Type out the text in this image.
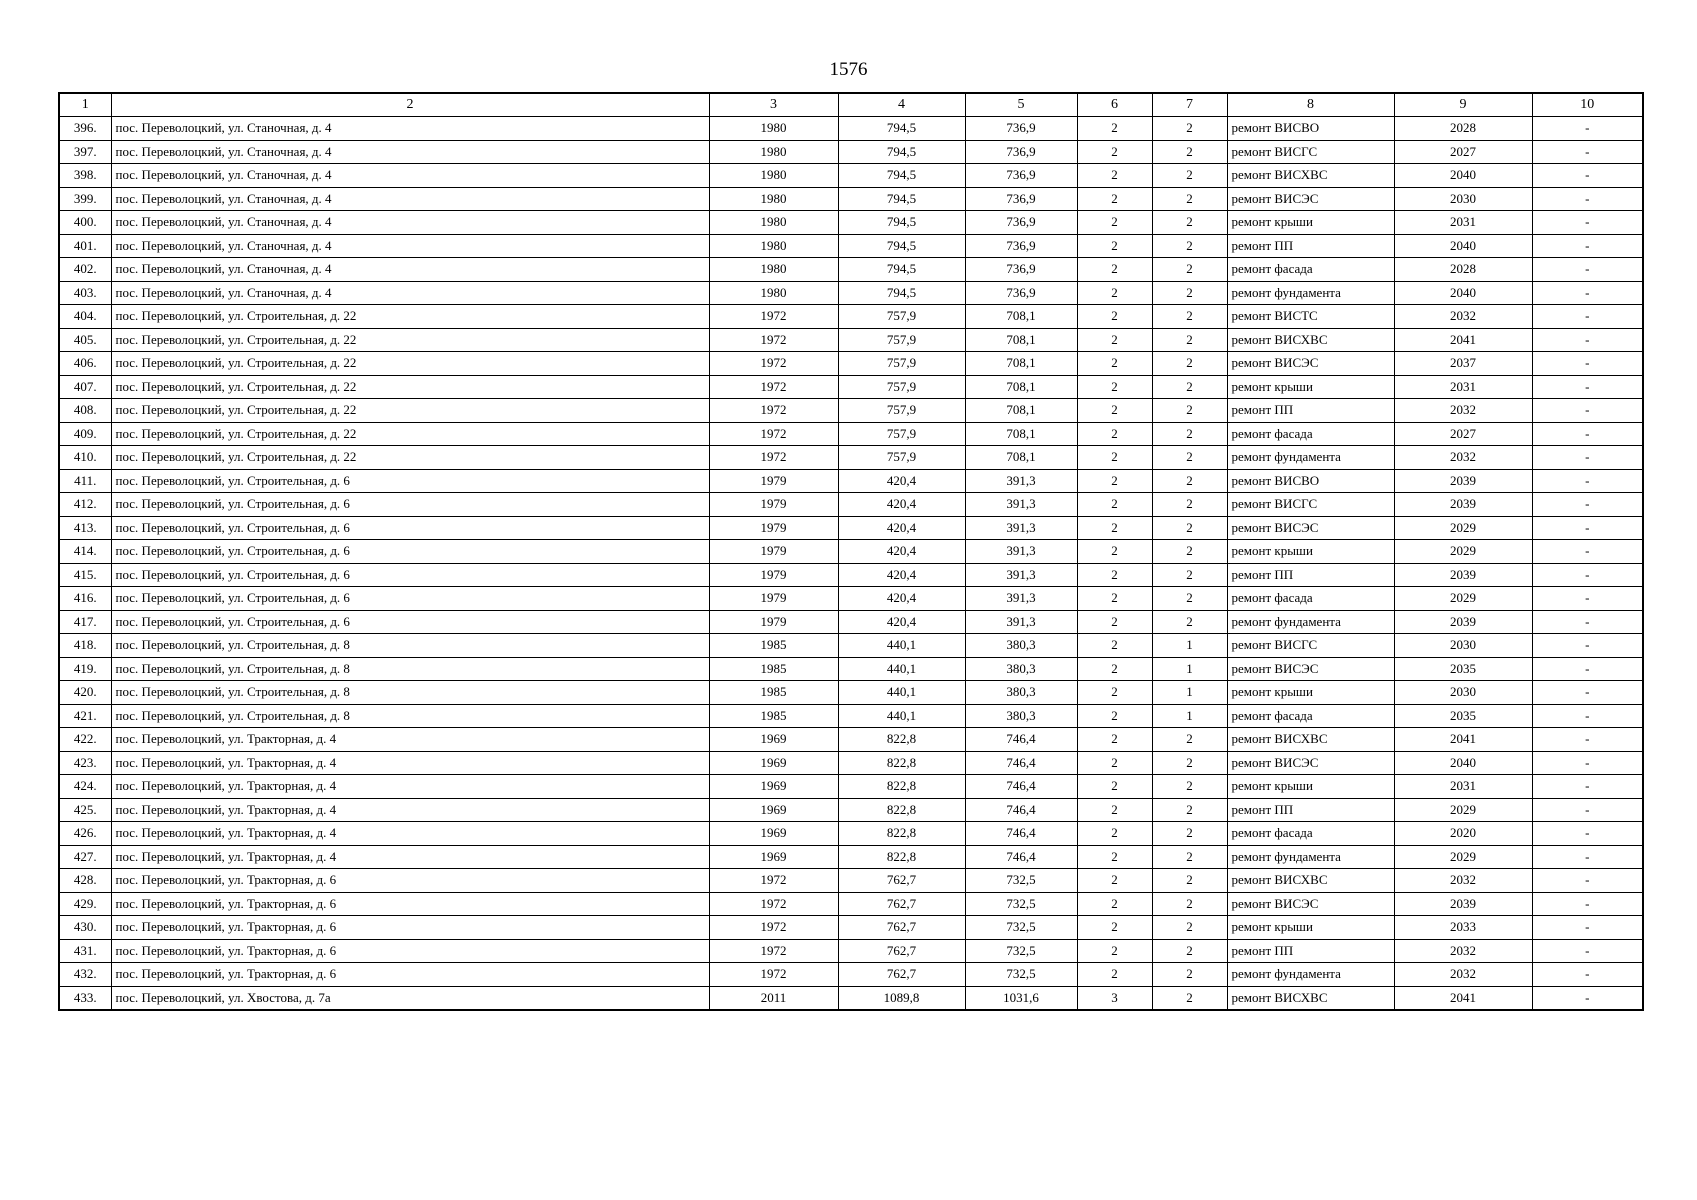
1576
1	2	3	4	5	6	7	8	9	10
396.	пос. Переволоцкий, ул. Станочная, д. 4	1980	794,5	736,9	2	2	ремонт ВИСВО	2028	-
397.	пос. Переволоцкий, ул. Станочная, д. 4	1980	794,5	736,9	2	2	ремонт ВИСГС	2027	-
398.	пос. Переволоцкий, ул. Станочная, д. 4	1980	794,5	736,9	2	2	ремонт ВИСХВС	2040	-
399.	пос. Переволоцкий, ул. Станочная, д. 4	1980	794,5	736,9	2	2	ремонт ВИСЭС	2030	-
400.	пос. Переволоцкий, ул. Станочная, д. 4	1980	794,5	736,9	2	2	ремонт крыши	2031	-
401.	пос. Переволоцкий, ул. Станочная, д. 4	1980	794,5	736,9	2	2	ремонт ПП	2040	-
402.	пос. Переволоцкий, ул. Станочная, д. 4	1980	794,5	736,9	2	2	ремонт фасада	2028	-
403.	пос. Переволоцкий, ул. Станочная, д. 4	1980	794,5	736,9	2	2	ремонт фундамента	2040	-
404.	пос. Переволоцкий, ул. Строительная, д. 22	1972	757,9	708,1	2	2	ремонт ВИСТС	2032	-
405.	пос. Переволоцкий, ул. Строительная, д. 22	1972	757,9	708,1	2	2	ремонт ВИСХВС	2041	-
406.	пос. Переволоцкий, ул. Строительная, д. 22	1972	757,9	708,1	2	2	ремонт ВИСЭС	2037	-
407.	пос. Переволоцкий, ул. Строительная, д. 22	1972	757,9	708,1	2	2	ремонт крыши	2031	-
408.	пос. Переволоцкий, ул. Строительная, д. 22	1972	757,9	708,1	2	2	ремонт ПП	2032	-
409.	пос. Переволоцкий, ул. Строительная, д. 22	1972	757,9	708,1	2	2	ремонт фасада	2027	-
410.	пос. Переволоцкий, ул. Строительная, д. 22	1972	757,9	708,1	2	2	ремонт фундамента	2032	-
411.	пос. Переволоцкий, ул. Строительная, д. 6	1979	420,4	391,3	2	2	ремонт ВИСВО	2039	-
412.	пос. Переволоцкий, ул. Строительная, д. 6	1979	420,4	391,3	2	2	ремонт ВИСГС	2039	-
413.	пос. Переволоцкий, ул. Строительная, д. 6	1979	420,4	391,3	2	2	ремонт ВИСЭС	2029	-
414.	пос. Переволоцкий, ул. Строительная, д. 6	1979	420,4	391,3	2	2	ремонт крыши	2029	-
415.	пос. Переволоцкий, ул. Строительная, д. 6	1979	420,4	391,3	2	2	ремонт ПП	2039	-
416.	пос. Переволоцкий, ул. Строительная, д. 6	1979	420,4	391,3	2	2	ремонт фасада	2029	-
417.	пос. Переволоцкий, ул. Строительная, д. 6	1979	420,4	391,3	2	2	ремонт фундамента	2039	-
418.	пос. Переволоцкий, ул. Строительная, д. 8	1985	440,1	380,3	2	1	ремонт ВИСГС	2030	-
419.	пос. Переволоцкий, ул. Строительная, д. 8	1985	440,1	380,3	2	1	ремонт ВИСЭС	2035	-
420.	пос. Переволоцкий, ул. Строительная, д. 8	1985	440,1	380,3	2	1	ремонт крыши	2030	-
421.	пос. Переволоцкий, ул. Строительная, д. 8	1985	440,1	380,3	2	1	ремонт фасада	2035	-
422.	пос. Переволоцкий, ул. Тракторная, д. 4	1969	822,8	746,4	2	2	ремонт ВИСХВС	2041	-
423.	пос. Переволоцкий, ул. Тракторная, д. 4	1969	822,8	746,4	2	2	ремонт ВИСЭС	2040	-
424.	пос. Переволоцкий, ул. Тракторная, д. 4	1969	822,8	746,4	2	2	ремонт крыши	2031	-
425.	пос. Переволоцкий, ул. Тракторная, д. 4	1969	822,8	746,4	2	2	ремонт ПП	2029	-
426.	пос. Переволоцкий, ул. Тракторная, д. 4	1969	822,8	746,4	2	2	ремонт фасада	2020	-
427.	пос. Переволоцкий, ул. Тракторная, д. 4	1969	822,8	746,4	2	2	ремонт фундамента	2029	-
428.	пос. Переволоцкий, ул. Тракторная, д. 6	1972	762,7	732,5	2	2	ремонт ВИСХВС	2032	-
429.	пос. Переволоцкий, ул. Тракторная, д. 6	1972	762,7	732,5	2	2	ремонт ВИСЭС	2039	-
430.	пос. Переволоцкий, ул. Тракторная, д. 6	1972	762,7	732,5	2	2	ремонт крыши	2033	-
431.	пос. Переволоцкий, ул. Тракторная, д. 6	1972	762,7	732,5	2	2	ремонт ПП	2032	-
432.	пос. Переволоцкий, ул. Тракторная, д. 6	1972	762,7	732,5	2	2	ремонт фундамента	2032	-
433.	пос. Переволоцкий, ул. Хвостова, д. 7а	2011	1089,8	1031,6	3	2	ремонт ВИСХВС	2041	-
